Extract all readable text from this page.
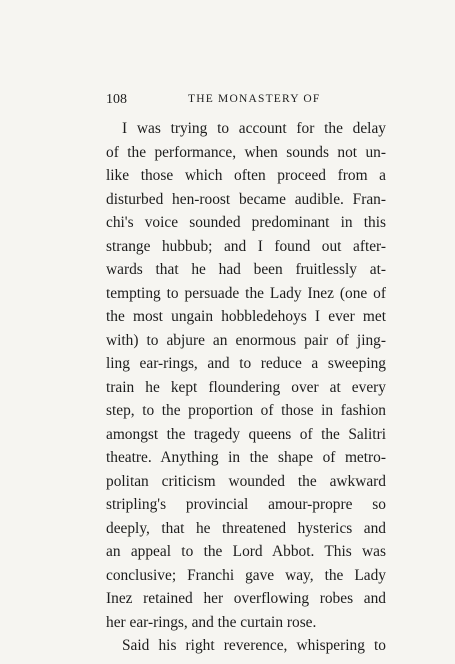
108	THE MONASTERY OF
I was trying to account for the delay
of the performance, when sounds not un-
like those which often proceed from a
disturbed hen-roost became audible. Fran-
chi's voice sounded predominant in this
strange hubbub; and I found out after-
wards that he had been fruitlessly at-
tempting to persuade the Lady Inez (one of
the most ungain hobbledehoys I ever met
with) to abjure an enormous pair of jing-
ling ear-rings, and to reduce a sweeping
train he kept floundering over at every
step, to the proportion of those in fashion
amongst the tragedy queens of the Salitri
theatre. Anything in the shape of metro-
politan criticism wounded the awkward
stripling's provincial amour-propre so
deeply, that he threatened hysterics and
an appeal to the Lord Abbot. This was
conclusive; Franchi gave way, the Lady
Inez retained her overflowing robes and
her ear-rings, and the curtain rose.
Said his right reverence, whispering to
